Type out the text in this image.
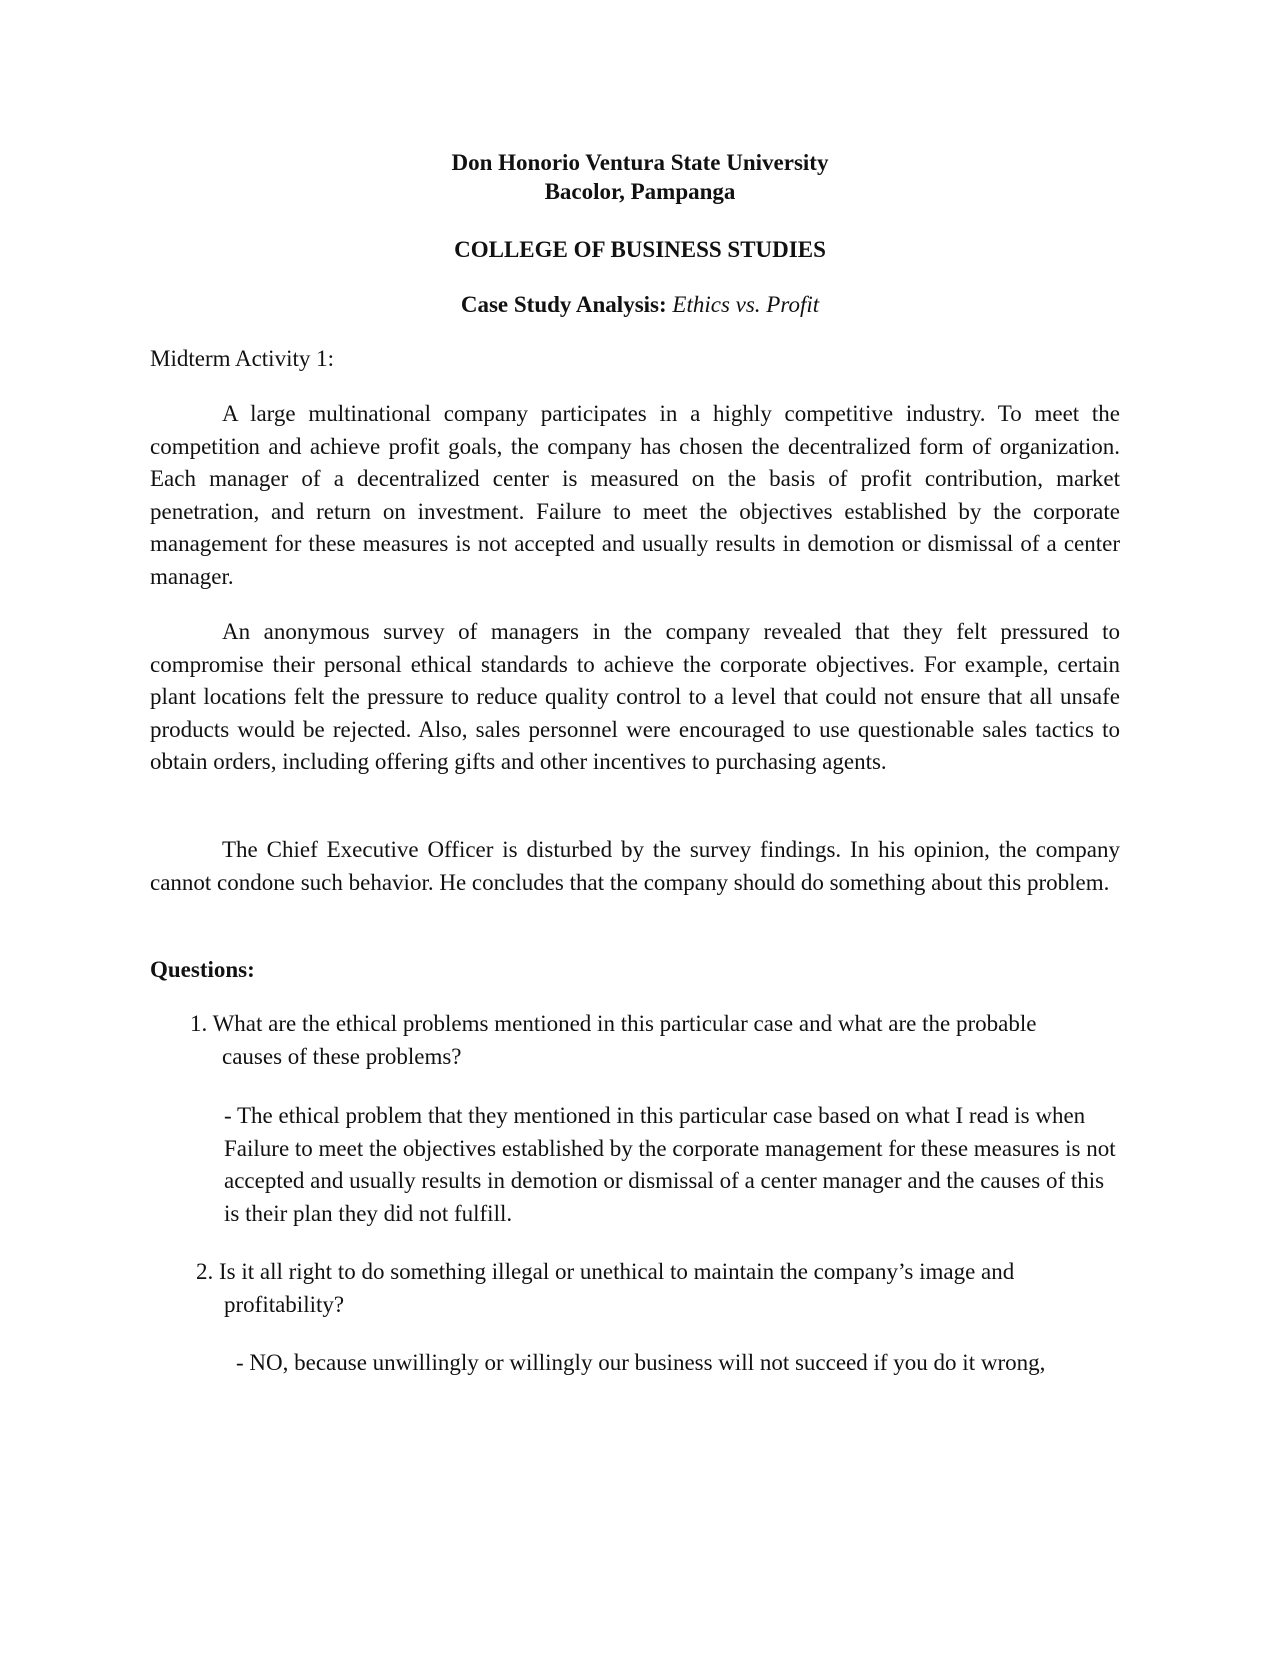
Don Honorio Ventura State University
Bacolor, Pampanga
COLLEGE OF BUSINESS STUDIES
Case Study Analysis: Ethics vs. Profit
Midterm Activity 1:

A large multinational company participates in a highly competitive industry. To meet the competition and achieve profit goals, the company has chosen the decentralized form of organization. Each manager of a decentralized center is measured on the basis of profit contribution, market penetration, and return on investment. Failure to meet the objectives established by the corporate management for these measures is not accepted and usually results in demotion or dismissal of a center manager.

An anonymous survey of managers in the company revealed that they felt pressured to compromise their personal ethical standards to achieve the corporate objectives. For example, certain plant locations felt the pressure to reduce quality control to a level that could not ensure that all unsafe products would be rejected. Also, sales personnel were encouraged to use questionable sales tactics to obtain orders, including offering gifts and other incentives to purchasing agents.

The Chief Executive Officer is disturbed by the survey findings. In his opinion, the company cannot condone such behavior. He concludes that the company should do something about this problem.

Questions:
1. What are the ethical problems mentioned in this particular case and what are the probable
causes of these problems?

- The ethical problem that they mentioned in this particular case based on what I read is when Failure to meet the objectives established by the corporate management for these measures is not accepted and usually results in demotion or dismissal of a center manager and the causes of this is their plan they did not fulfill.

2. Is it all right to do something illegal or unethical to maintain the company’s image and
profitability?

- NO, because unwillingly or willingly our business will not succeed if you do it wrong,
